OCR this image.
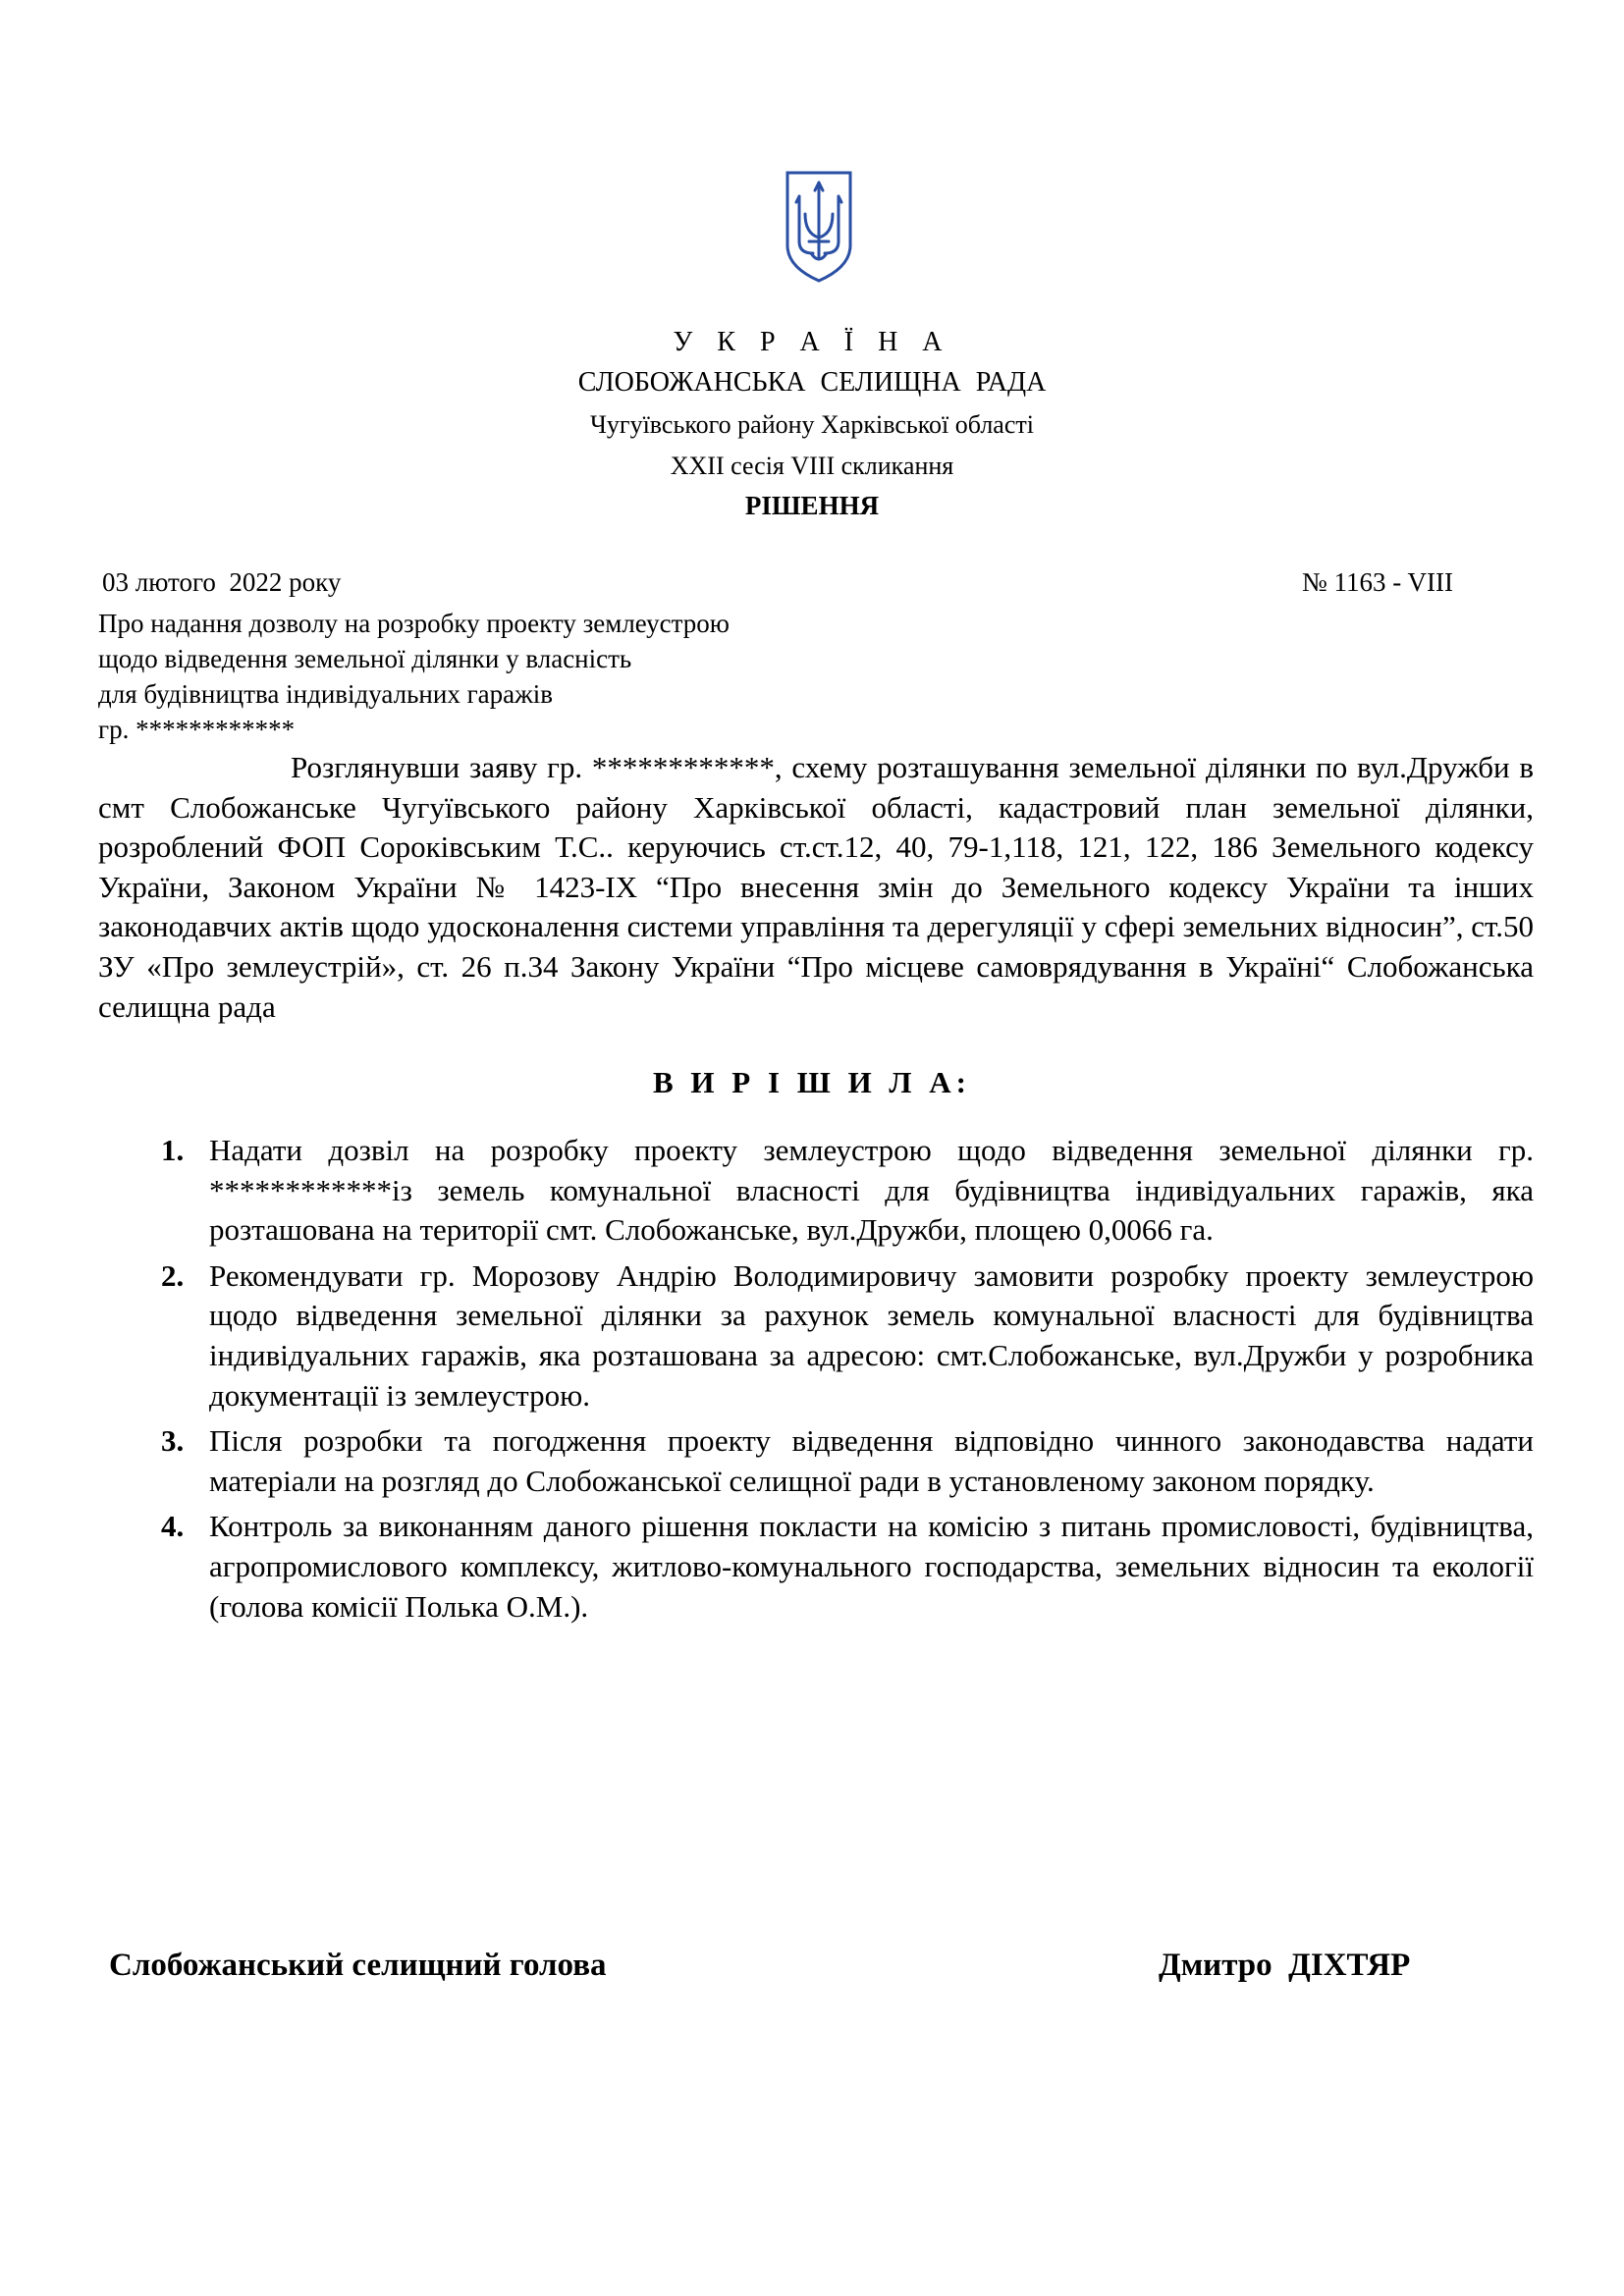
У К Р А Ї Н А
СЛОБОЖАНСЬКА СЕЛИЩНА РАДА
Чугуївського району Харківської області
XXII сесія VIII скликання
РІШЕННЯ
03 лютого  2022 року	№ 1163 - VIII
Про надання дозволу на розробку проекту землеустрою
щодо відведення земельної ділянки у власність
для будівництва індивідуальних гаражів
гр. ************
Розглянувши заяву гр. ************, схему розташування земельної ділянки по вул.Дружби в смт Слобожанське Чугуївського району Харківської області, кадастровий план земельної ділянки, розроблений ФОП Сороківським Т.С.. керуючись ст.ст.12, 40, 79-1,118, 121, 122, 186 Земельного кодексу України, Законом України № 1423-IX “Про внесення змін до Земельного кодексу України та інших законодавчих актів щодо удосконалення системи управління та дерегуляції у сфері земельних відносин”, ст.50 ЗУ «Про землеустрій», ст. 26 п.34 Закону України “Про місцеве самоврядування в Україні“ Слобожанська селищна рада
В И Р І Ш И Л А:
1. Надати дозвіл на розробку проекту землеустрою щодо відведення земельної ділянки гр. ************із земель комунальної власності для будівництва індивідуальних гаражів, яка розташована на території смт. Слобожанське, вул.Дружби, площею 0,0066 га.
2. Рекомендувати гр. Морозову Андрію Володимировичу замовити розробку проекту землеустрою щодо відведення земельної ділянки за рахунок земель комунальної власності для будівництва індивідуальних гаражів, яка розташована за адресою: смт.Слобожанське, вул.Дружби у розробника документації із землеустрою.
3. Після розробки та погодження проекту відведення відповідно чинного законодавства надати матеріали на розгляд до Слобожанської селищної ради в установленому законом порядку.
4. Контроль за виконанням даного рішення покласти на комісію з питань промисловості, будівництва, агропромислового комплексу, житлово-комунального господарства, земельних відносин та екології (голова комісії Полька О.М.).
Слобожанський селищний голова	Дмитро  ДІХТЯР
